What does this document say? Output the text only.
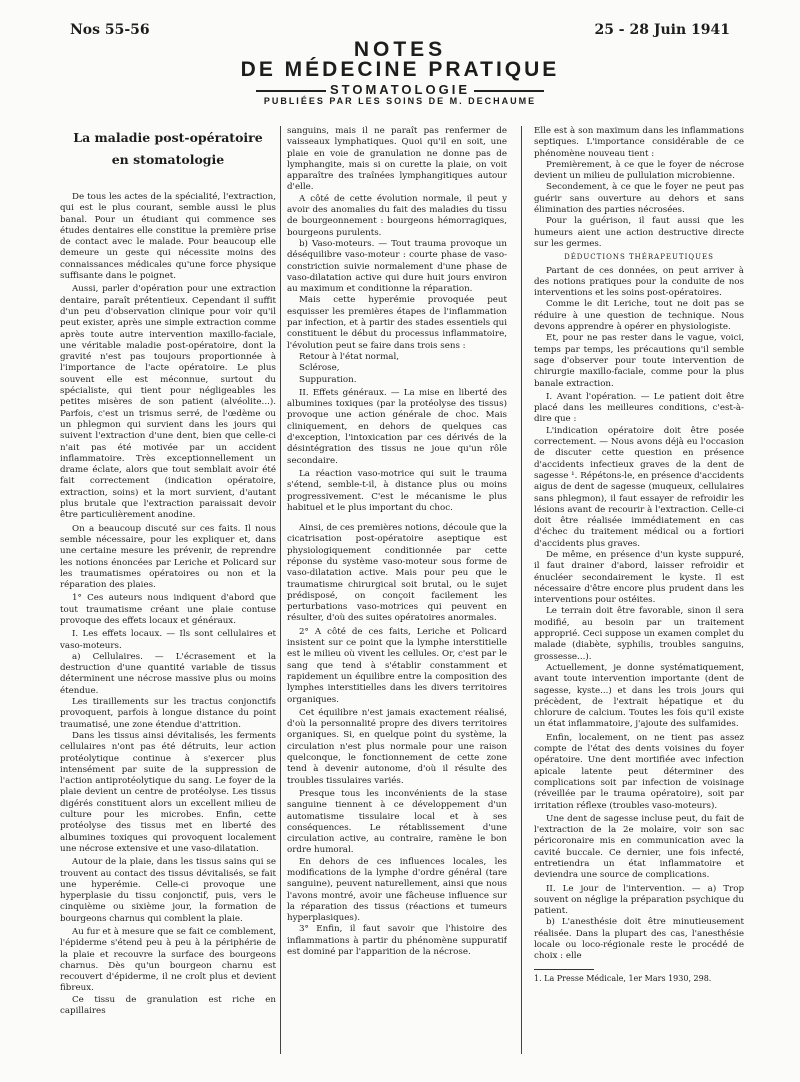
Nos 55-56	25 - 28 Juin 1941
NOTES
DE MÉDECINE PRATIQUE
STOMATOLOGIE
PUBLIÉES PAR LES SOINS DE M. DECHAUME
La maladie post-opératoire
en stomatologie

De tous les actes de la spécialité, l'extraction, qui est le plus courant, semble aussi le plus banal. Pour un étudiant qui commence ses études dentaires elle constitue la première prise de contact avec le malade. Pour beaucoup elle demeure un geste qui nécessite moins des connaissances médicales qu'une force physique suffisante dans le poignet.

Aussi, parler d'opération pour une extraction dentaire, paraît prétentieux. Cependant il suffit d'un peu d'observation clinique pour voir qu'il peut exister, après une simple extraction comme après toute autre intervention maxillo-faciale, une véritable maladie post-opératoire, dont la gravité n'est pas toujours proportionnée à l'importance de l'acte opératoire. Le plus souvent elle est méconnue, surtout du spécialiste, qui tient pour négligeables les petites misères de son patient (alvéolite...). Parfois, c'est un trismus serré, de l'œdème ou un phlegmon qui survient dans les jours qui suivent l'extraction d'une dent, bien que celle-ci n'ait pas été motivée par un accident inflammatoire. Très exceptionnellement un drame éclate, alors que tout semblait avoir été fait correctement (indication opératoire, extraction, soins) et la mort survient, d'autant plus brutale que l'extraction paraissait devoir être particulièrement anodine.

On a beaucoup discuté sur ces faits. Il nous semble nécessaire, pour les expliquer et, dans une certaine mesure les prévenir, de reprendre les notions énoncées par Leriche et Policard sur les traumatismes opératoires ou non et la réparation des plaies.

1° Ces auteurs nous indiquent d'abord que tout traumatisme créant une plaie contuse provoque des effets locaux et généraux.

I. Les effets locaux. — Ils sont cellulaires et vaso-moteurs.

a) Cellulaires. — L'écrasement et la destruction d'une quantité variable de tissus déterminent une nécrose massive plus ou moins étendue.

Les tiraillements sur les tractus conjonctifs provoquent, parfois à longue distance du point traumatisé, une zone étendue d'attrition.

Dans les tissus ainsi dévitalisés, les ferments cellulaires n'ont pas été détruits, leur action protéolytique continue à s'exercer plus intensément par suite de la suppression de l'action antiprotéolytique du sang. Le foyer de la plaie devient un centre de protéolyse. Les tissus digérés constituent alors un excellent milieu de culture pour les microbes. Enfin, cette protéolyse des tissus met en liberté des albumines toxiques qui provoquent localement une nécrose extensive et une vaso-dilatation.

Autour de la plaie, dans les tissus sains qui se trouvent au contact des tissus dévitalisés, se fait une hyperémie. Celle-ci provoque une hyperplasie du tissu conjonctif, puis, vers le cinquième ou sixième jour, la formation de bourgeons charnus qui comblent la plaie.

Au fur et à mesure que se fait ce comblement, l'épiderme s'étend peu à peu à la périphérie de la plaie et recouvre la surface des bourgeons charnus. Dès qu'un bourgeon charnu est recouvert d'épiderme, il ne croît plus et devient fibreux.

Ce tissu de granulation est riche en capillaires

sanguins, mais il ne paraît pas renfermer de vaisseaux lymphatiques. Quoi qu'il en soit, une plaie en voie de granulation ne donne pas de lymphangite, mais si on curette la plaie, on voit apparaître des traînées lymphangitiques autour d'elle.

A côté de cette évolution normale, il peut y avoir des anomalies du fait des maladies du tissu de bourgeonnement : bourgeons hémorragiques, bourgeons purulents.

b) Vaso-moteurs. — Tout trauma provoque un déséquilibre vaso-moteur : courte phase de vaso-constriction suivie normalement d'une phase de vaso-dilatation active qui dure huit jours environ au maximum et conditionne la réparation.

Mais cette hyperémie provoquée peut esquisser les premières étapes de l'inflammation par infection, et à partir des stades essentiels qui constituent le début du processus inflammatoire, l'évolution peut se faire dans trois sens :

Retour à l'état normal,

Sclérose,

Suppuration.

II. Effets généraux. — La mise en liberté des albumines toxiques (par la protéolyse des tissus) provoque une action générale de choc. Mais cliniquement, en dehors de quelques cas d'exception, l'intoxication par ces dérivés de la désintégration des tissus ne joue qu'un rôle secondaire.

La réaction vaso-motrice qui suit le trauma s'étend, semble-t-il, à distance plus ou moins progressivement. C'est le mécanisme le plus habituel et le plus important du choc.

Ainsi, de ces premières notions, découle que la cicatrisation post-opératoire aseptique est physiologiquement conditionnée par cette réponse du système vaso-moteur sous forme de vaso-dilatation active. Mais pour peu que le traumatisme chirurgical soit brutal, ou le sujet prédisposé, on conçoit facilement les perturbations vaso-motrices qui peuvent en résulter, d'où des suites opératoires anormales.

2° A côté de ces faits, Leriche et Policard insistent sur ce point que la lymphe interstitielle est le milieu où vivent les cellules. Or, c'est par le sang que tend à s'établir constamment et rapidement un équilibre entre la composition des lymphes interstitielles dans les divers territoires organiques.

Cet équilibre n'est jamais exactement réalisé, d'où la personnalité propre des divers territoires organiques. Si, en quelque point du système, la circulation n'est plus normale pour une raison quelconque, le fonctionnement de cette zone tend à devenir autonome, d'où il résulte des troubles tissulaires variés.

Presque tous les inconvénients de la stase sanguine tiennent à ce développement d'un automatisme tissulaire local et à ses conséquences. Le rétablissement d'une circulation active, au contraire, ramène le bon ordre humoral.

En dehors de ces influences locales, les modifications de la lymphe d'ordre général (tare sanguine), peuvent naturellement, ainsi que nous l'avons montré, avoir une fâcheuse influence sur la réparation des tissus (réactions et tumeurs hyperplasiques).

3° Enfin, il faut savoir que l'histoire des inflammations à partir du phénomène suppuratif est dominé par l'apparition de la nécrose.

Elle est à son maximum dans les inflammations septiques. L'importance considérable de ce phénomène nouveau tient :

Premièrement, à ce que le foyer de nécrose devient un milieu de pullulation microbienne.

Secondement, à ce que le foyer ne peut pas guérir sans ouverture au dehors et sans élimination des parties nécrosées.

Pour la guérison, il faut aussi que les humeurs aient une action destructive directe sur les germes.

DÉDUCTIONS THÉRAPEUTIQUES

Partant de ces données, on peut arriver à des notions pratiques pour la conduite de nos interventions et les soins post-opératoires.

Comme le dit Leriche, tout ne doit pas se réduire à une question de technique. Nous devons apprendre à opérer en physiologiste.

Et, pour ne pas rester dans le vague, voici, temps par temps, les précautions qu'il semble sage d'observer pour toute intervention de chirurgie maxillo-faciale, comme pour la plus banale extraction.

I. Avant l'opération. — Le patient doit être placé dans les meilleures conditions, c'est-à-dire que :

L'indication opératoire doit être posée correctement. — Nous avons déjà eu l'occasion de discuter cette question en présence d'accidents infectieux graves de la dent de sagesse ¹. Répétons-le, en présence d'accidents aigus de dent de sagesse (muqueux, cellulaires sans phlegmon), il faut essayer de refroidir les lésions avant de recourir à l'extraction. Celle-ci doit être réalisée immédiatement en cas d'échec du traitement médical ou a fortiori d'accidents plus graves.

De même, en présence d'un kyste suppuré, il faut drainer d'abord, laisser refroidir et énucléer secondairement le kyste. Il est nécessaire d'être encore plus prudent dans les interventions pour ostéites.

Le terrain doit être favorable, sinon il sera modifié, au besoin par un traitement approprié. Ceci suppose un examen complet du malade (diabète, syphilis, troubles sanguins, grossesse...).

Actuellement, je donne systématiquement, avant toute intervention importante (dent de sagesse, kyste...) et dans les trois jours qui précèdent, de l'extrait hépatique et du chlorure de calcium. Toutes les fois qu'il existe un état inflammatoire, j'ajoute des sulfamides.

Enfin, localement, on ne tient pas assez compte de l'état des dents voisines du foyer opératoire. Une dent mortifiée avec infection apicale latente peut déterminer des complications soit par infection de voisinage (réveillée par le trauma opératoire), soit par irritation réflexe (troubles vaso-moteurs).

Une dent de sagesse incluse peut, du fait de l'extraction de la 2e molaire, voir son sac péricoronaire mis en communication avec la cavité buccale. Ce dernier, une fois infecté, entretiendra un état inflammatoire et deviendra une source de complications.

II. Le jour de l'intervention. — a) Trop souvent on néglige la préparation psychique du patient.

b) L'anesthésie doit être minutieusement réalisée. Dans la plupart des cas, l'anesthésie locale ou loco-régionale reste le procédé de choix : elle

1. La Presse Médicale, 1er Mars 1930, 298.
